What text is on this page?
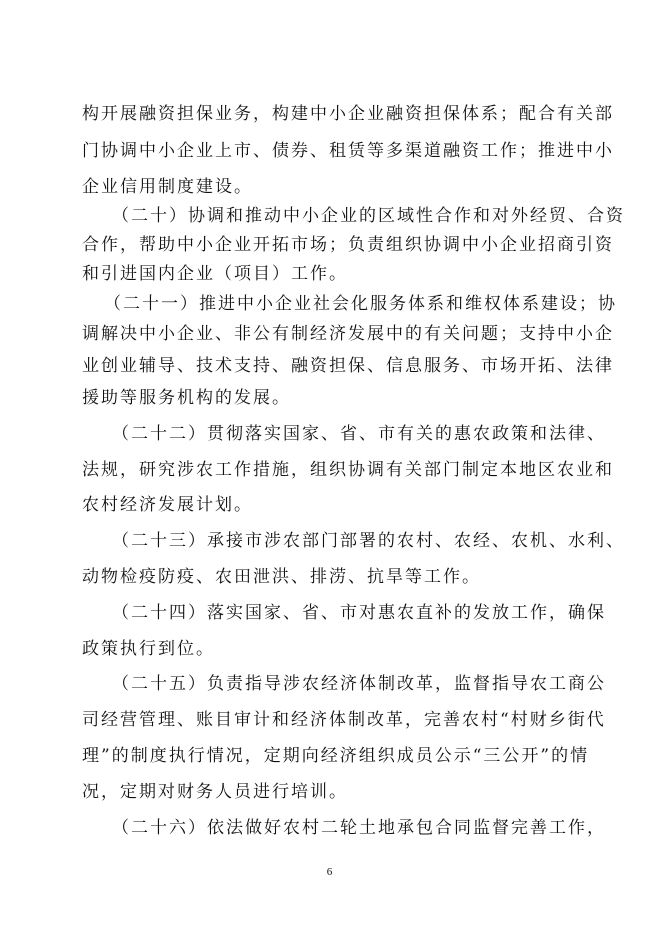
构开展融资担保业务，构建中小企业融资担保体系；配合有关部
门协调中小企业上市、债券、租赁等多渠道融资工作；推进中小
企业信用制度建设。
（二十）协调和推动中小企业的区域性合作和对外经贸、合资
合作，帮助中小企业开拓市场；负责组织协调中小企业招商引资
和引进国内企业（项目）工作。
（二十一）推进中小企业社会化服务体系和维权体系建设；协
调解决中小企业、非公有制经济发展中的有关问题；支持中小企
业创业辅导、技术支持、融资担保、信息服务、市场开拓、法律
援助等服务机构的发展。
（二十二）贯彻落实国家、省、市有关的惠农政策和法律、
法规，研究涉农工作措施，组织协调有关部门制定本地区农业和
农村经济发展计划。
（二十三）承接市涉农部门部署的农村、农经、农机、水利、
动物检疫防疫、农田泄洪、排涝、抗旱等工作。
（二十四）落实国家、省、市对惠农直补的发放工作，确保
政策执行到位。
（二十五）负责指导涉农经济体制改革，监督指导农工商公
司经营管理、账目审计和经济体制改革，完善农村“村财乡街代
理”的制度执行情况，定期向经济组织成员公示“三公开”的情
况，定期对财务人员进行培训。
（二十六）依法做好农村二轮土地承包合同监督完善工作，
6
